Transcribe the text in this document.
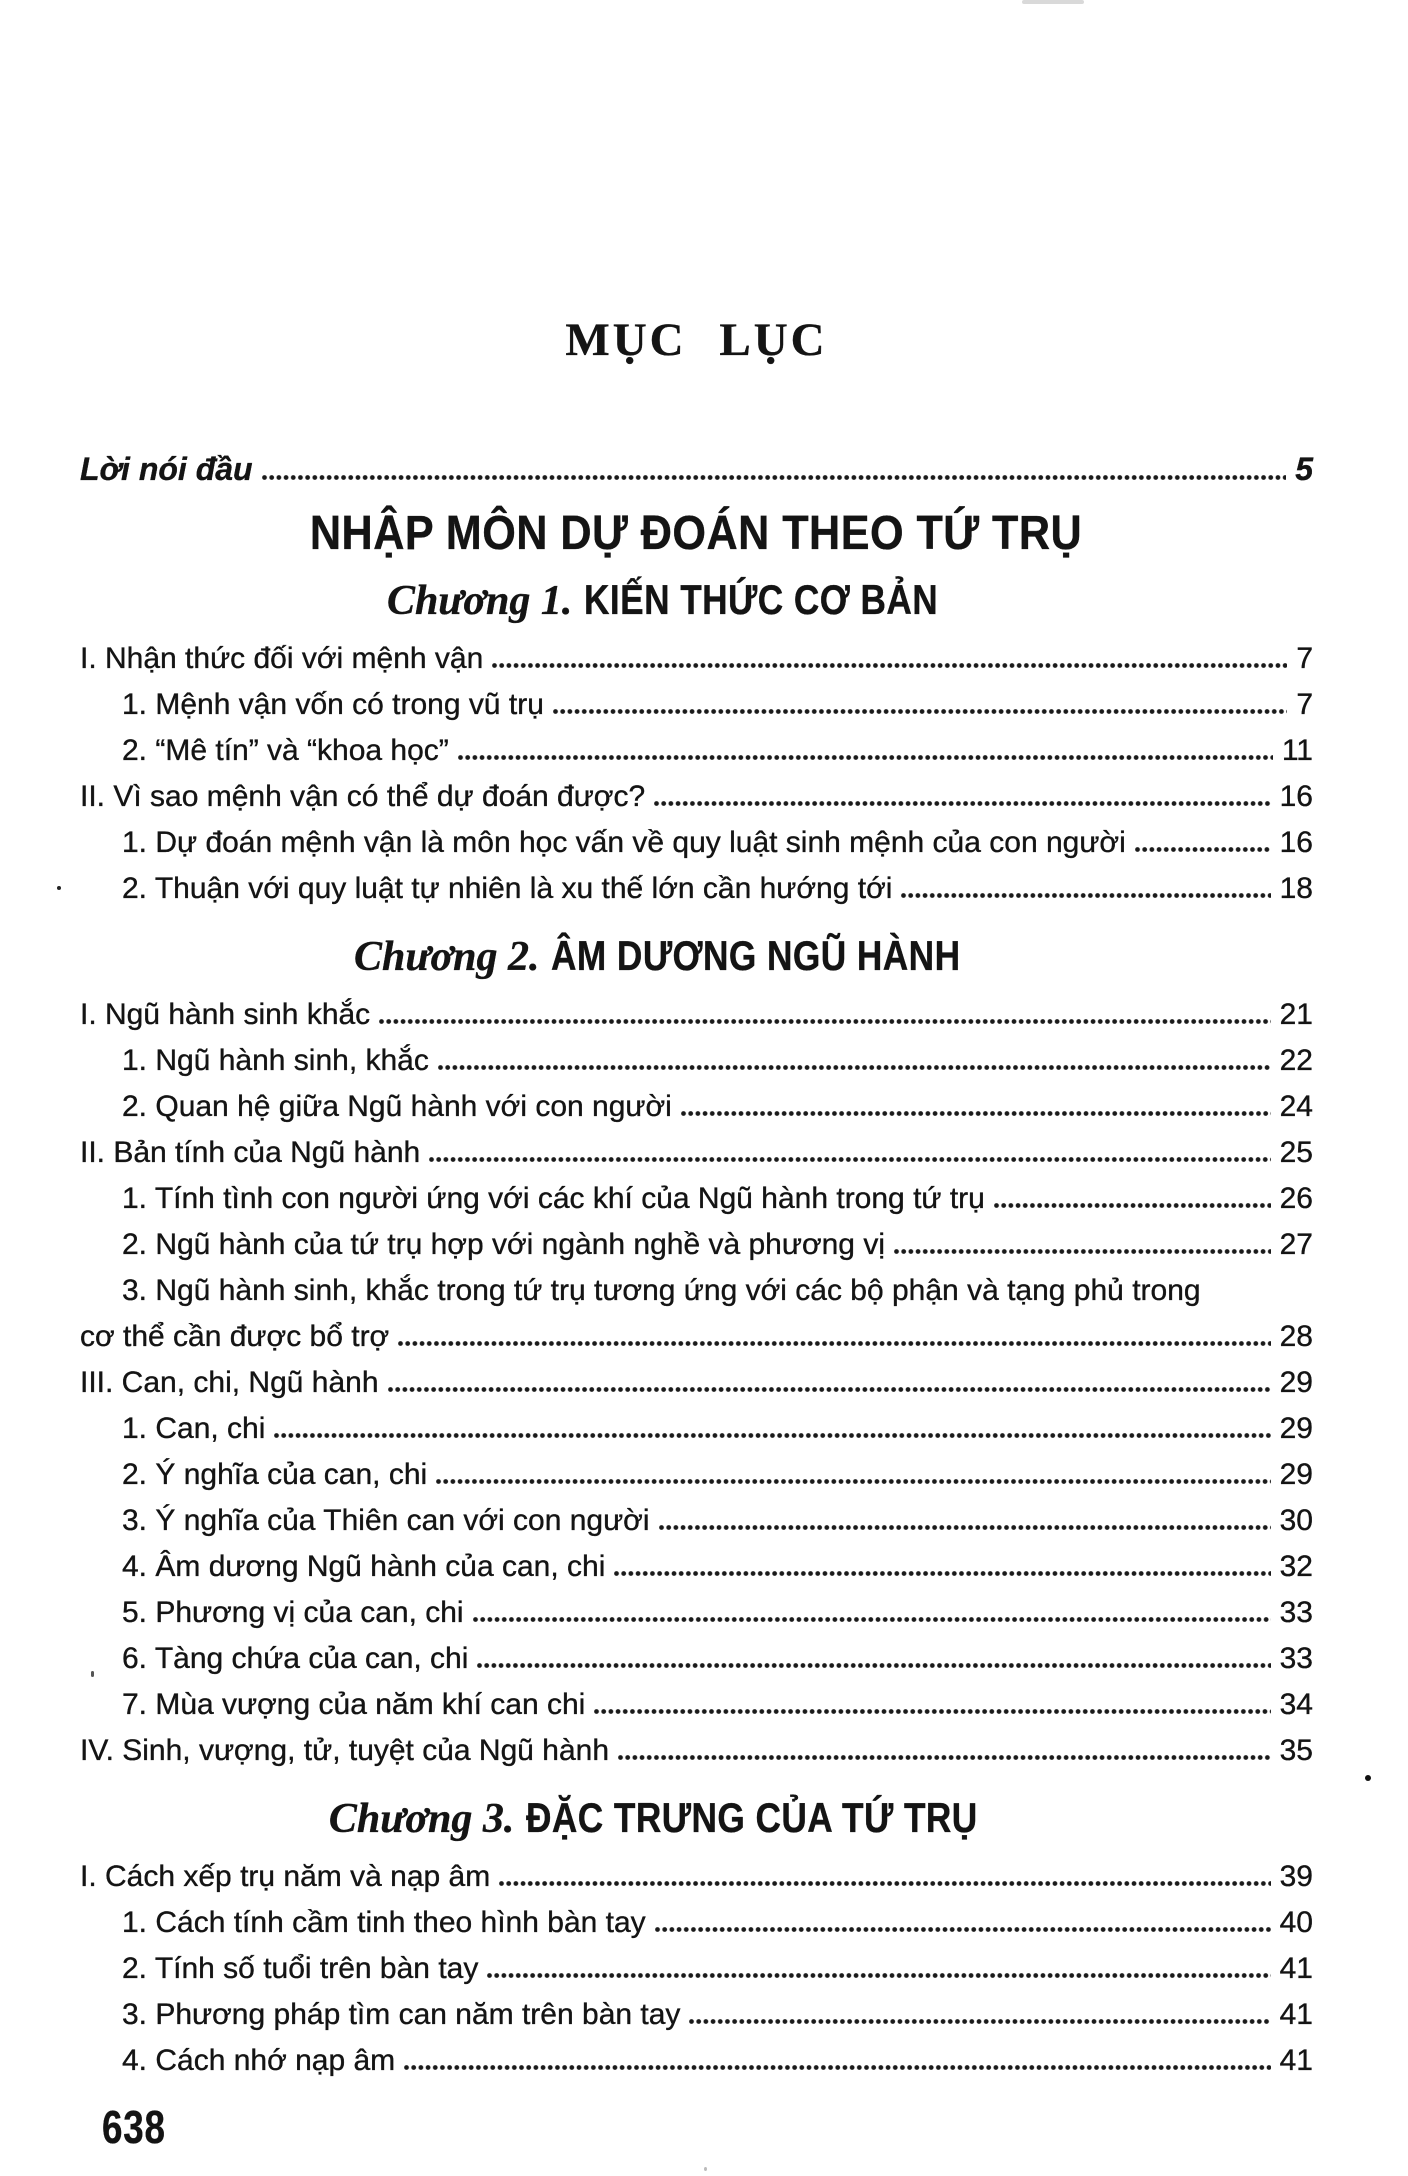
MỤC LỤC
Lời nói đầu	5
NHẬP MÔN DỰ ĐOÁN THEO TỨ TRỤ
Chương 1. KIẾN THỨC CƠ BẢN
I. Nhận thức đối với mệnh vận	7
1. Mệnh vận vốn có trong vũ trụ	7
2. “Mê tín” và “khoa học”	11
II. Vì sao mệnh vận có thể dự đoán được?	16
1. Dự đoán mệnh vận là môn học vấn về quy luật sinh mệnh của con người	16
2. Thuận với quy luật tự nhiên là xu thế lớn cần hướng tới	18
Chương 2. ÂM DƯƠNG NGŨ HÀNH
I. Ngũ hành sinh khắc	21
1. Ngũ hành sinh, khắc	22
2. Quan hệ giữa Ngũ hành với con người	24
II. Bản tính của Ngũ hành	25
1. Tính tình con người ứng với các khí của Ngũ hành trong tứ trụ	26
2. Ngũ hành của tứ trụ hợp với ngành nghề và phương vị	27
3. Ngũ hành sinh, khắc trong tứ trụ tương ứng với các bộ phận và tạng phủ trong
cơ thể cần được bổ trợ	28
III. Can, chi, Ngũ hành	29
1. Can, chi	29
2. Ý nghĩa của can, chi	29
3. Ý nghĩa của Thiên can với con người	30
4. Âm dương Ngũ hành của can, chi	32
5. Phương vị của can, chi	33
6. Tàng chứa của can, chi	33
7. Mùa vượng của năm khí can chi	34
IV. Sinh, vượng, tử, tuyệt của Ngũ hành	35
Chương 3. ĐẶC TRƯNG CỦA TỨ TRỤ
I. Cách xếp trụ năm và nạp âm	39
1. Cách tính cầm tinh theo hình bàn tay	40
2. Tính số tuổi trên bàn tay	41
3. Phương pháp tìm can năm trên bàn tay	41
4. Cách nhớ nạp âm	41
638
